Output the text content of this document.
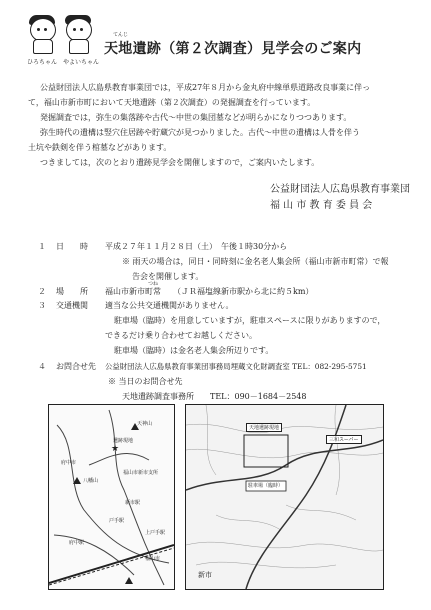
ひろちゃん やよいちゃん
てんじ
天地遺跡（第２次調査）見学会のご案内
公益財団法人広島県教育事業団では，平成27年８月から金丸府中線単県道路改良事業に伴っ
て，福山市新市町において天地遺跡（第２次調査）の発掘調査を行っています。
発掘調査では，弥生の集落跡や古代～中世の集団墓などが明らかになりつつあります。
弥生時代の遺構は竪穴住居跡や貯蔵穴が見つかりました。古代～中世の遺構は人骨を伴う
土坑や鉄剣を伴う棺墓などがあります。
つきましては，次のとおり遺跡見学会を開催しますので，ご案内いたします。
公益財団法人広島県教育事業団
福 山 市 教 育 委 員 会
１ 日　　時 平成２７年１１月２８日（土）　午後１時30分から
※ 雨天の場合は，同日・同時刻に金名老人集会所（福山市新市町常）で報
告会を開催します。
つね
２ 場　　所 福山市新市町常　　（ＪＲ福塩線新市駅から北に約５km）
３ 交通機関 適当な公共交通機関がありません。
駐車場（臨時）を用意していますが，駐車スペースに限りがありますので，
できるだけ乗り合わせてお越しください。
駐車場（臨時）は金名老人集会所辺りです。
４ お問合せ先 公益財団法人広島県教育事業団事務局埋蔵文化財調査室 TEL：082-295-5751
※ 当日のお問合せ先
天地遺跡調査事務所　　TEL：090－1684－2548
★
天神山
遺跡現地
福山市新市支所
新市駅
戸手駅
府中市
八幡山
上戸手駅
福山市
府中駅
天地遺跡現地
駐車場（臨時）
三和スーパー
新市
